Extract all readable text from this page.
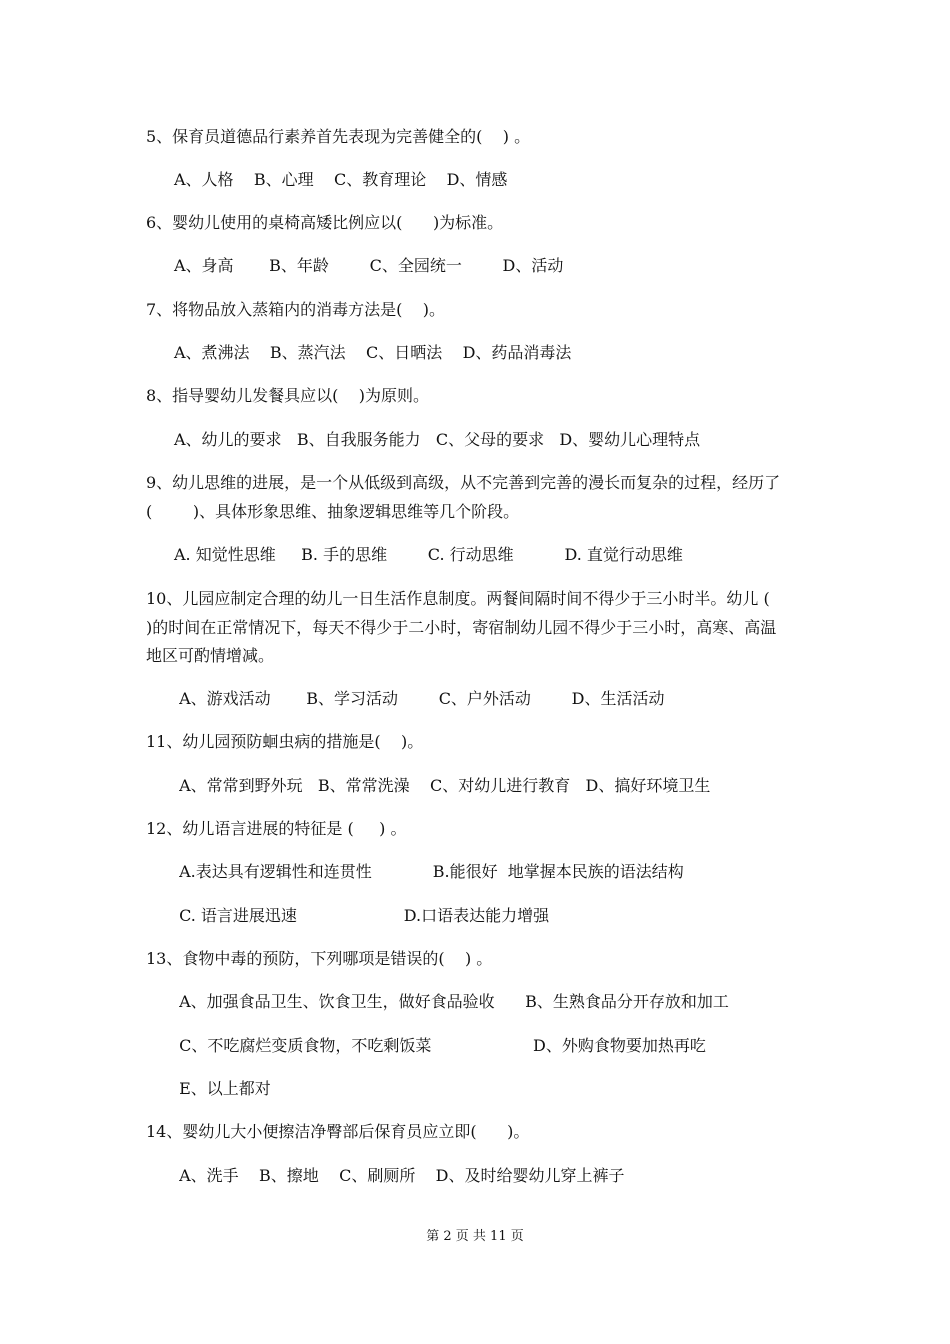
5、保育员道德品行素养首先表现为完善健全的(    ) 。
A、人格    B、心理    C、教育理论    D、情感
6、婴幼儿使用的桌椅高矮比例应以(      )为标准。
A、身高       B、年龄        C、全园统一        D、活动
7、将物品放入蒸箱内的消毒方法是(    )。
A、煮沸法    B、蒸汽法    C、日晒法    D、药品消毒法
8、指导婴幼儿发餐具应以(    )为原则。
A、幼儿的要求   B、自我服务能力   C、父母的要求   D、婴幼儿心理特点
9、幼儿思维的进展，是一个从低级到高级，从不完善到完善的漫长而复杂的过程，经历了
(        )、具体形象思维、抽象逻辑思维等几个阶段。
A. 知觉性思维     B. 手的思维        C. 行动思维          D. 直觉行动思维
10、儿园应制定合理的幼儿一日生活作息制度。两餐间隔时间不得少于三小时半。幼儿 (
)的时间在正常情况下，每天不得少于二小时，寄宿制幼儿园不得少于三小时，高寒、高温
地区可酌情增减。
A、游戏活动       B、学习活动        C、户外活动        D、生活活动
11、幼儿园预防蛔虫病的措施是(    )。
A、常常到野外玩   B、常常洗澡    C、对幼儿进行教育   D、搞好环境卫生
12、幼儿语言进展的特征是 (     ) 。
A.表达具有逻辑性和连贯性            B.能很好  地掌握本民族的语法结构
C. 语言进展迅速                     D.口语表达能力增强
13、食物中毒的预防，下列哪项是错误的(    ) 。
A、加强食品卫生、饮食卫生，做好食品验收      B、生熟食品分开存放和加工
C、不吃腐烂变质食物，不吃剩饭菜                    D、外购食物要加热再吃
E、以上都对
14、婴幼儿大小便擦洁净臀部后保育员应立即(      )。
A、洗手    B、擦地    C、刷厕所    D、及时给婴幼儿穿上裤子
第 2 页 共 11 页
